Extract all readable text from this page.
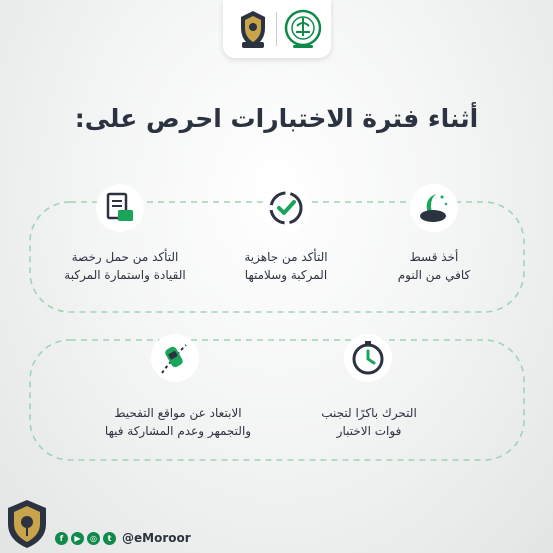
أثناء فترة الاختبارات احرص على:
أخذ قسط
كافي من النوم
التأكد من جاهزية
المركبة وسلامتها
التأكد من حمل رخصة
القيادة واستمارة المركبة
التحرك باكرًا لتجنب
فوات الاختبار
الابتعاد عن مواقع التفحيط
والتجمهر وعدم المشاركة فيها
f	▶	◎	t @eMoroor
